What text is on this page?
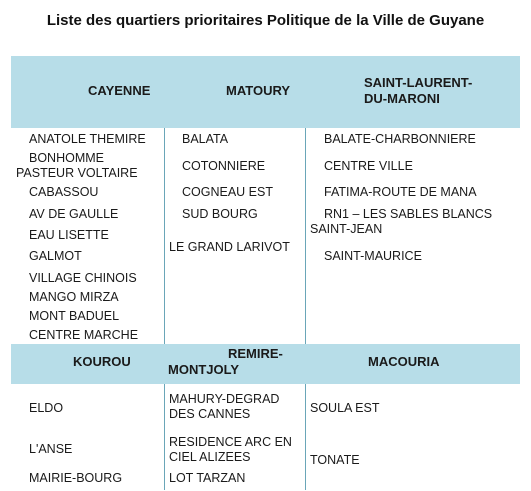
Liste des quartiers prioritaires Politique de la Ville de Guyane
CAYENNE	MATOURY
SAINT-LAURENT-
DU-MARONI
ANATOLE THEMIRE
BONHOMME
PASTEUR VOLTAIRE
CABASSOU
AV DE GAULLE
EAU LISETTE
GALMOT
VILLAGE CHINOIS
MANGO MIRZA
MONT BADUEL
CENTRE MARCHE
BALATA
COTONNIERE
COGNEAU EST
SUD BOURG
LE GRAND LARIVOT
BALATE-CHARBONNIERE
CENTRE VILLE
FATIMA-ROUTE DE MANA
RN1 – LES SABLES BLANCS
SAINT-JEAN
SAINT-MAURICE
KOUROU
REMIRE-
MONTJOLY
MACOURIA
ELDO
L'ANSE
MAIRIE-BOURG
MAHURY-DEGRAD
DES CANNES
RESIDENCE ARC EN
CIEL ALIZEES
LOT TARZAN
SOULA EST
TONATE
